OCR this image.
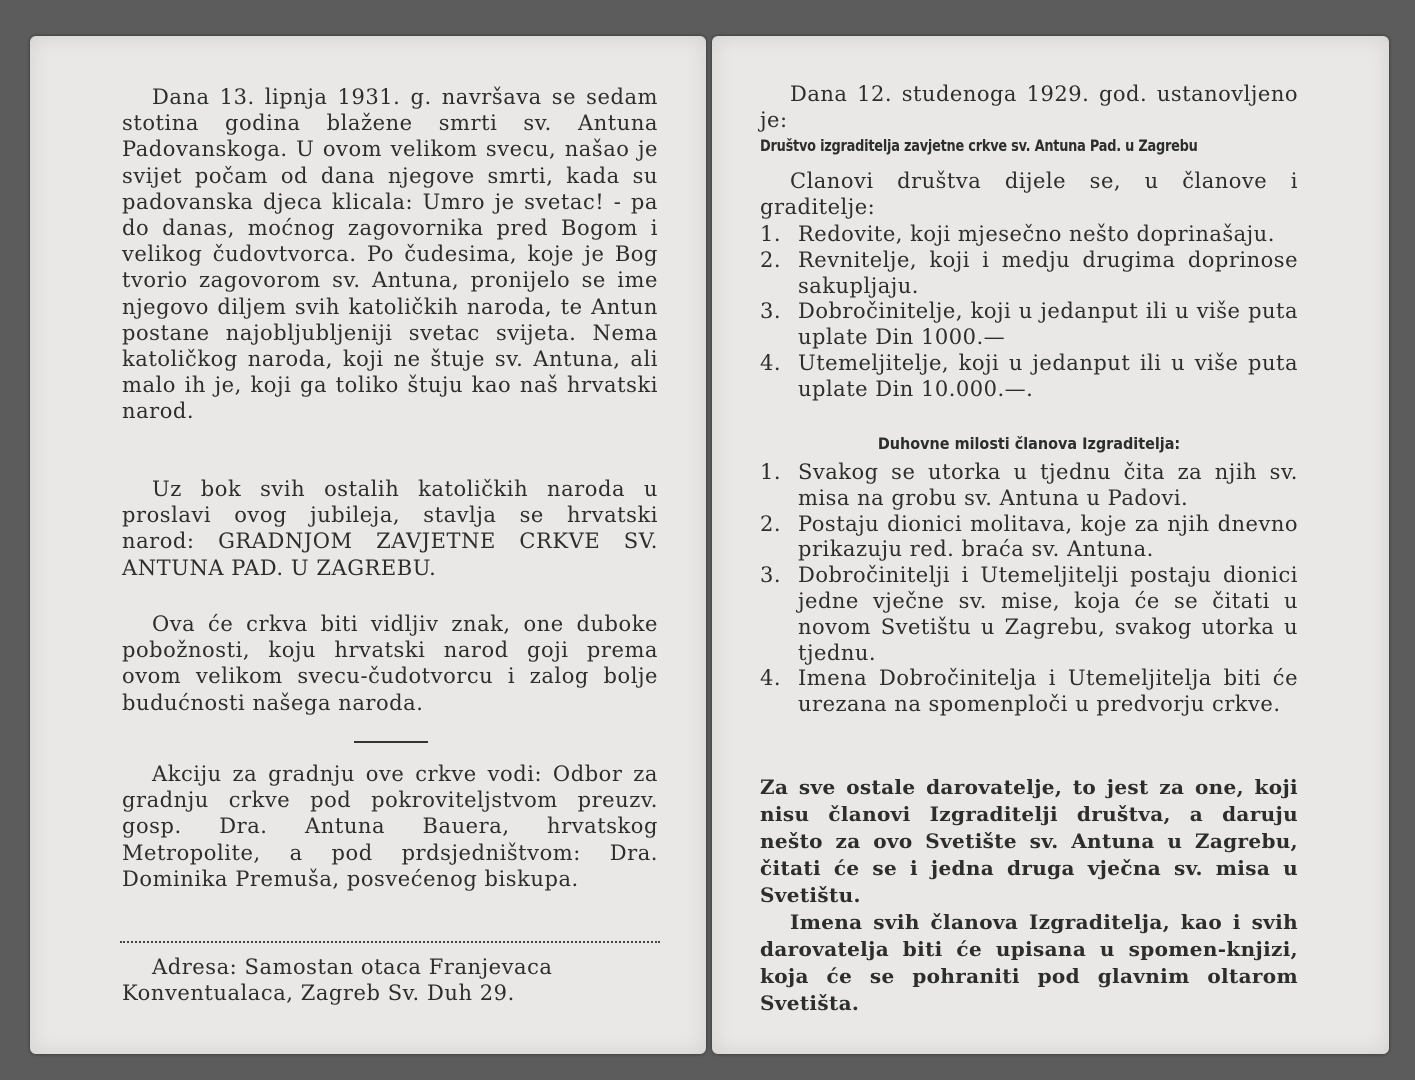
Dana 13. lipnja 1931. g. navršava se sedam stotina godina blažene smrti sv. Antuna Padovanskoga. U ovom velikom svecu, našao je svijet počam od dana njegove smrti, kada su padovanska djeca klicala: Umro je svetac! - pa do danas, moćnog zagovornika pred Bogom i velikog čudovtvorca. Po čudesima, koje je Bog tvorio zagovorom sv. Antuna, pronijelo se ime njegovo diljem svih katoličkih naroda, te Antun postane najobljubljeniji svetac svijeta. Nema katoličkog naroda, koji ne štuje sv. Antuna, ali malo ih je, koji ga toliko štuju kao naš hrvatski narod.

Uz bok svih ostalih katoličkih naroda u proslavi ovog jubileja, stavlja se hrvatski narod: GRADNJOM ZAVJETNE CRKVE SV. ANTUNA PAD. U ZAGREBU.

Ova će crkva biti vidljiv znak, one duboke pobožnosti, koju hrvatski narod goji prema ovom velikom svecu-čudotvorcu i zalog bolje budućnosti našega naroda.

Akciju za gradnju ove crkve vodi: Odbor za gradnju crkve pod pokroviteljstvom preuzv. gosp. Dra. Antuna Bauera, hrvatskog Metropolite, a pod prdsjedništvom: Dra. Dominika Premuša, posvećenog biskupa.

Adresa: Samostan otaca Franjevaca Konventualaca, Zagreb Sv. Duh 29.

Dana 12. studenoga 1929. god. ustanovljeno je:

Društvo izgraditelja zavjetne crkve sv. Antuna Pad. u Zagrebu

Clanovi društva dijele se, u članove i graditelje:

1. Redovite, koji mjesečno nešto doprinašaju.
2. Revnitelje, koji i medju drugima doprinose sakupljaju.
3. Dobročinitelje, koji u jedanput ili u više puta uplate Din 1000.—
4. Utemeljitelje, koji u jedanput ili u više puta uplate Din 10.000.—.
Duhovne milosti članova Izgraditelja:
1. Svakog se utorka u tjednu čita za njih sv. misa na grobu sv. Antuna u Padovi.
2. Postaju dionici molitava, koje za njih dnevno prikazuju red. braća sv. Antuna.
3. Dobročinitelji i Utemeljitelji postaju dionici jedne vječne sv. mise, koja će se čitati u novom Svetištu u Zagrebu, svakog utorka u tjednu.
4. Imena Dobročinitelja i Utemeljitelja biti će urezana na spomenploči u predvorju crkve.

Za sve ostale darovatelje, to jest za one, koji nisu članovi Izgraditelji društva, a daruju nešto za ovo Svetište sv. Antuna u Zagrebu, čitati će se i jedna druga vječna sv. misa u Svetištu.

Imena svih članova Izgraditelja, kao i svih darovatelja biti će upisana u spomen-knjizi, koja će se pohraniti pod glavnim oltarom Svetišta.
